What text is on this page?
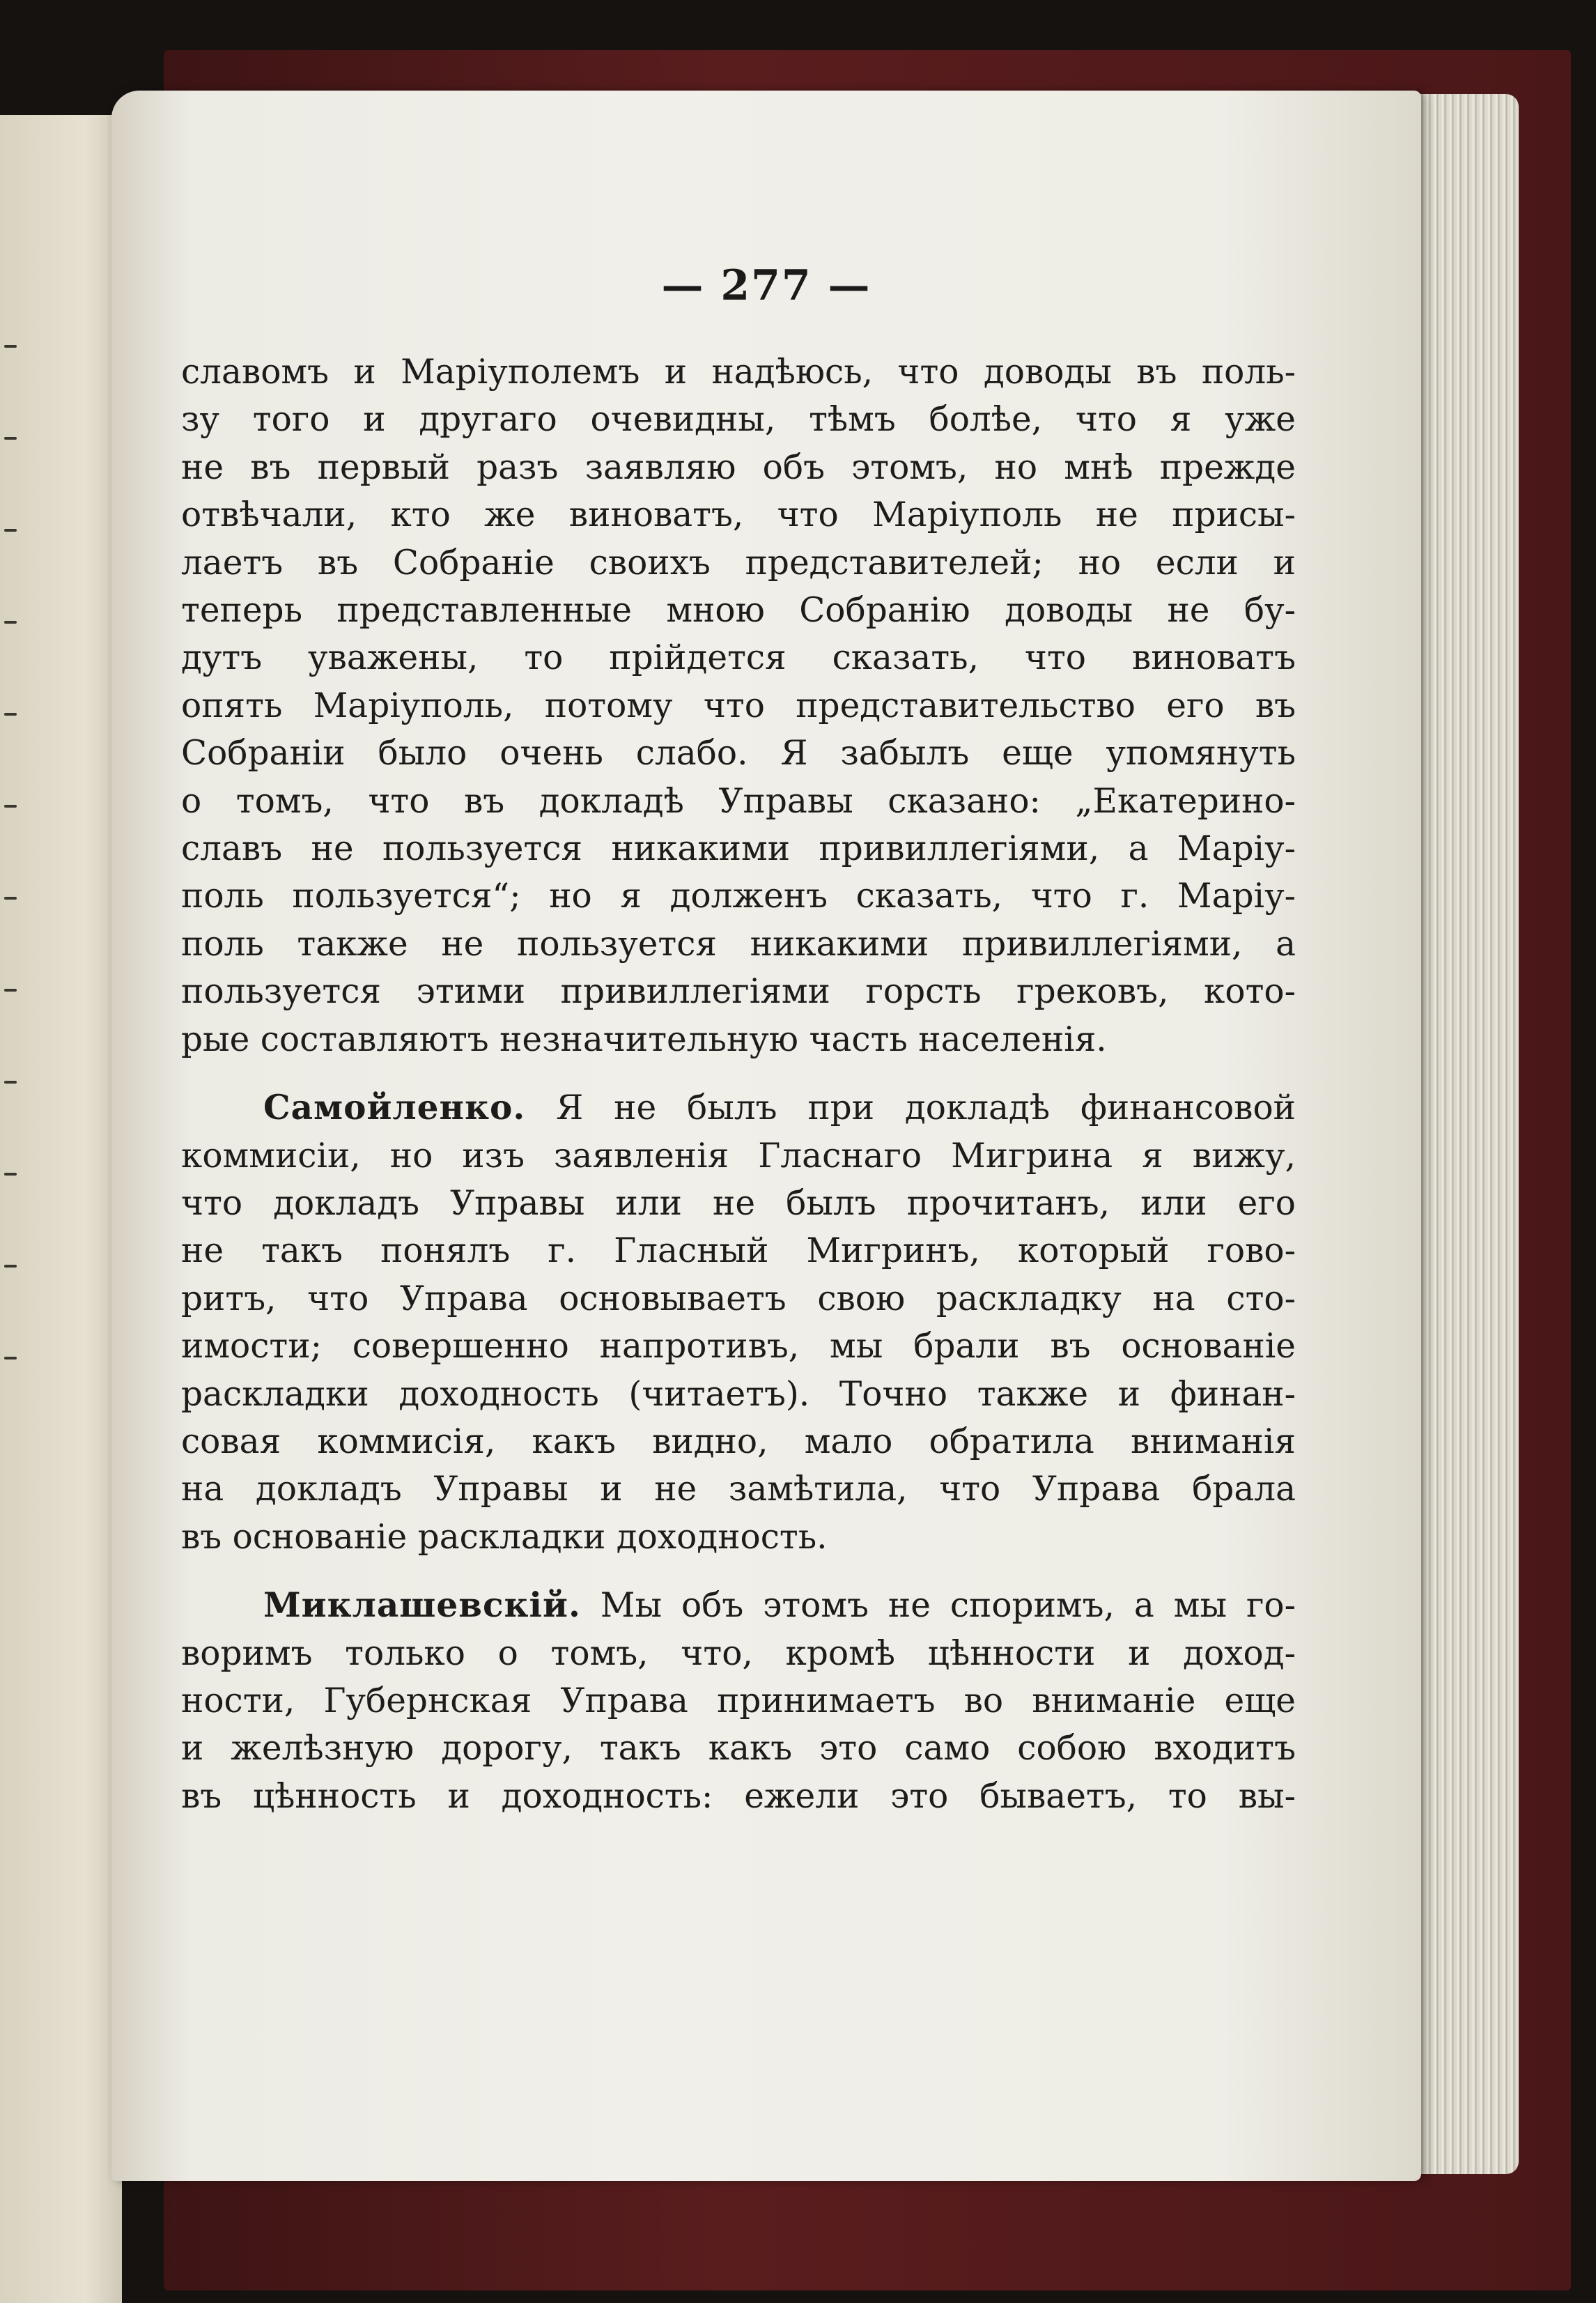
— 277 —
славомъ и Маріуполемъ и надѣюсь, что доводы въ поль-
зу того и другаго очевидны, тѣмъ болѣе, что я уже
не въ первый разъ заявляю объ этомъ, но мнѣ прежде
отвѣчали, кто же виноватъ, что Маріуполь не присы-
лаетъ въ Собраніе своихъ представителей; но если и
теперь представленные мною Собранію доводы не бу-
дутъ уважены, то прійдется сказать, что виноватъ
опять Маріуполь, потому что представительство его въ
Собраніи было очень слабо. Я забылъ еще упомянуть
о томъ, что въ докладѣ Управы сказано: „Екатерино-
славъ не пользуется никакими привиллегіями, а Маріу-
поль пользуется“; но я долженъ сказать, что г. Маріу-
поль также не пользуется никакими привиллегіями, а
пользуется этими привиллегіями горсть грековъ, кото-
рые составляютъ незначительную часть населенія.
Самойленко. Я не былъ при докладѣ финансовой
коммисіи, но изъ заявленія Гласнаго Мигрина я вижу,
что докладъ Управы или не былъ прочитанъ, или его
не такъ понялъ г. Гласный Мигринъ, который гово-
ритъ, что Управа основываетъ свою раскладку на сто-
имости; совершенно напротивъ, мы брали въ основаніе
раскладки доходность (читаетъ). Точно также и финан-
совая коммисія, какъ видно, мало обратила вниманія
на докладъ Управы и не замѣтила, что Управа брала
въ основаніе раскладки доходность.
Миклашевскій. Мы объ этомъ не споримъ, а мы го-
воримъ только о томъ, что, кромѣ цѣнности и доход-
ности, Губернская Управа принимаетъ во вниманіе еще
и желѣзную дорогу, такъ какъ это само собою входитъ
въ цѣнность и доходность: ежели это бываетъ, то вы-
